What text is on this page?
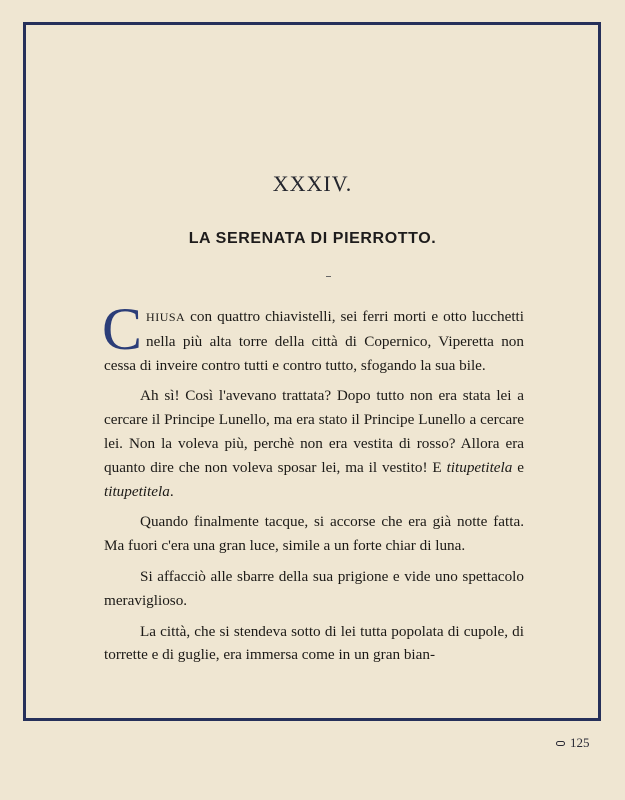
XXXIV.
LA SERENATA DI PIERROTTO.

CHIUSA con quattro chiavistelli, sei ferri morti e otto lucchetti nella più alta torre della città di Copernico, Viperetta non cessa di inveire contro tutti e contro tutto, sfogando la sua bile.

Ah sì! Così l'avevano trattata? Dopo tutto non era stata lei a cercare il Principe Lunello, ma era stato il Principe Lunello a cercare lei. Non la voleva più, perchè non era vestita di rosso? Allora era quanto dire che non voleva sposar lei, ma il vestito! E titupetitela e titupetitela.

Quando finalmente tacque, si accorse che era già notte fatta. Ma fuori c'era una gran luce, simile a un forte chiar di luna.

Si affacciò alle sbarre della sua prigione e vide uno spettacolo meraviglioso.

La città, che si stendeva sotto di lei tutta popolata di cupole, di torrette e di guglie, era immersa come in un gran bian-

125
